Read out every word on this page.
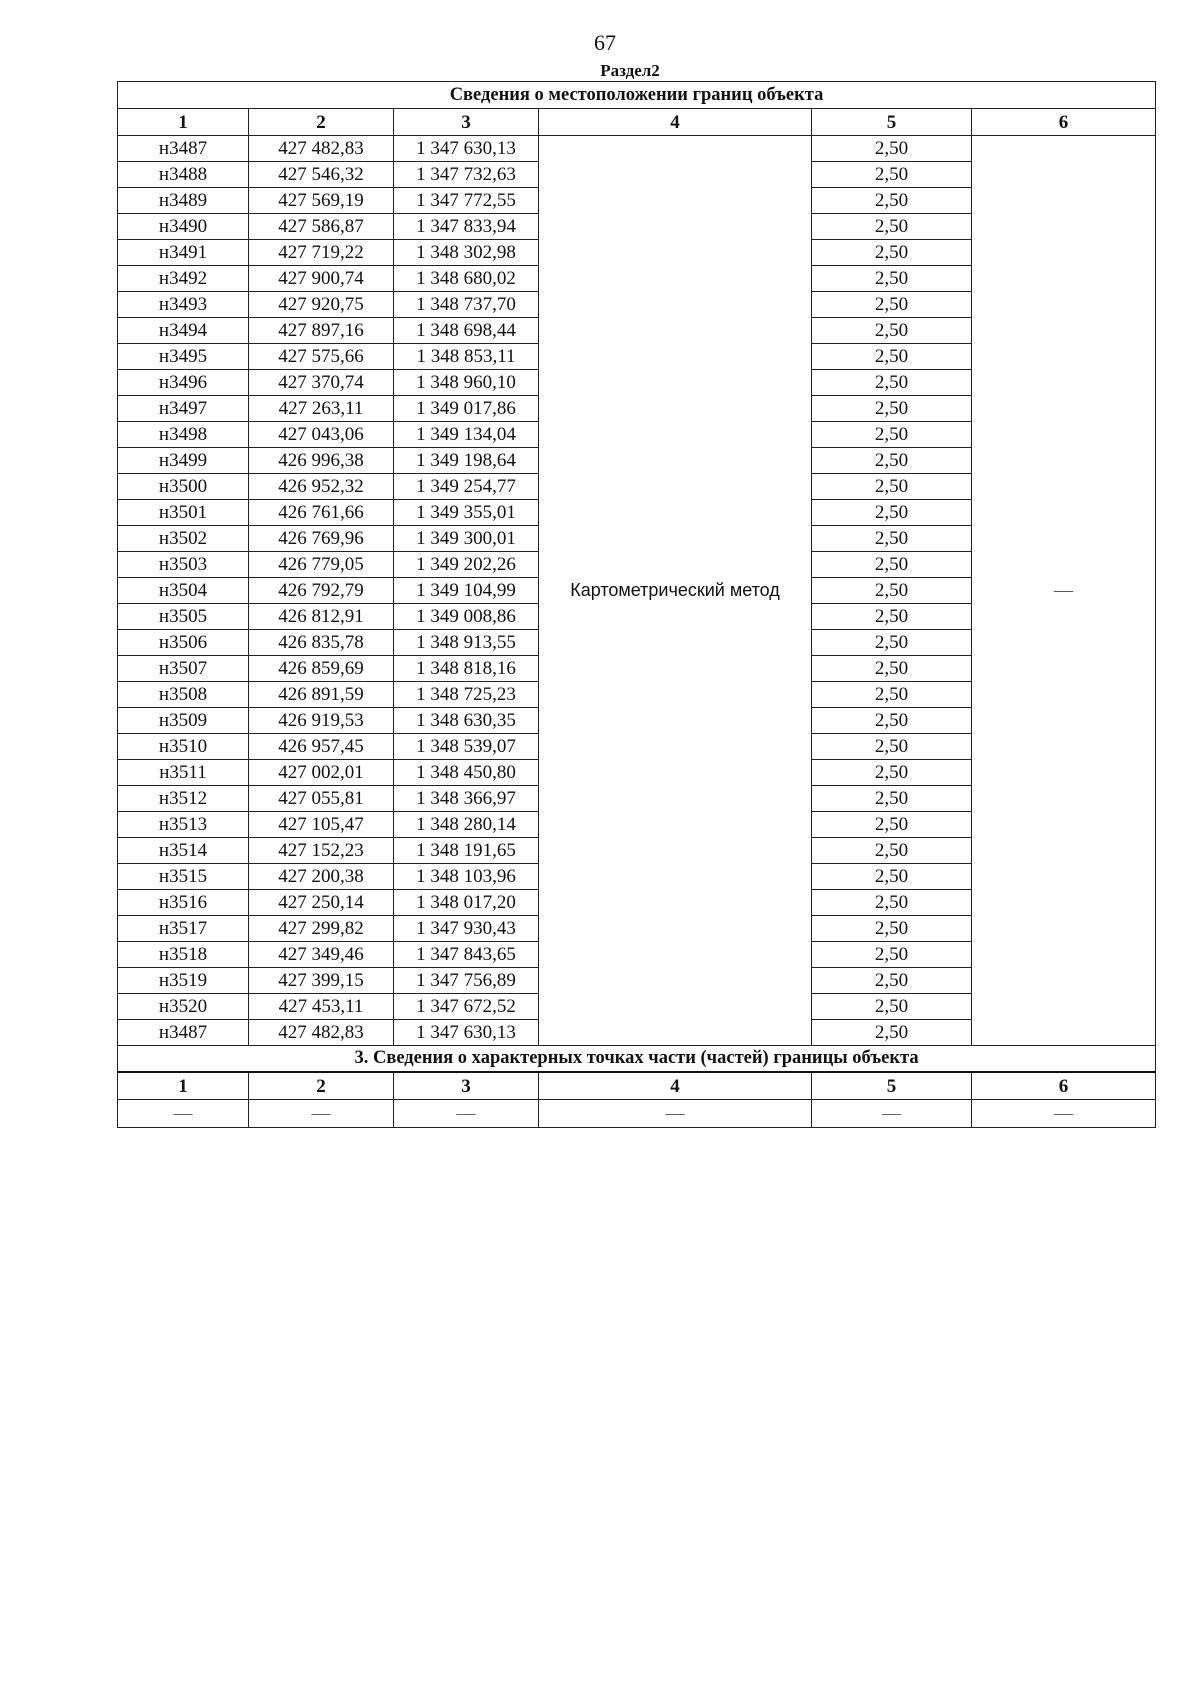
67
Раздел2
Сведения о местоположении границ объекта					
1	2	3	4	5	6
н3487	427 482,83	1 347 630,13	Картометрический метод	2,50	—
н3488	427 546,32	1 347 732,63		2,50	
н3489	427 569,19	1 347 772,55		2,50	
н3490	427 586,87	1 347 833,94		2,50	
н3491	427 719,22	1 348 302,98		2,50	
н3492	427 900,74	1 348 680,02		2,50	
н3493	427 920,75	1 348 737,70		2,50	
н3494	427 897,16	1 348 698,44		2,50	
н3495	427 575,66	1 348 853,11		2,50	
н3496	427 370,74	1 348 960,10		2,50	
н3497	427 263,11	1 349 017,86		2,50	
н3498	427 043,06	1 349 134,04		2,50	
н3499	426 996,38	1 349 198,64		2,50	
н3500	426 952,32	1 349 254,77		2,50	
н3501	426 761,66	1 349 355,01		2,50	
н3502	426 769,96	1 349 300,01		2,50	
н3503	426 779,05	1 349 202,26		2,50	
н3504	426 792,79	1 349 104,99		2,50	
н3505	426 812,91	1 349 008,86		2,50	
н3506	426 835,78	1 348 913,55		2,50	
н3507	426 859,69	1 348 818,16		2,50	
н3508	426 891,59	1 348 725,23		2,50	
н3509	426 919,53	1 348 630,35		2,50	
н3510	426 957,45	1 348 539,07		2,50	
н3511	427 002,01	1 348 450,80		2,50	
н3512	427 055,81	1 348 366,97		2,50	
н3513	427 105,47	1 348 280,14		2,50	
н3514	427 152,23	1 348 191,65		2,50	
н3515	427 200,38	1 348 103,96		2,50	
н3516	427 250,14	1 348 017,20		2,50	
н3517	427 299,82	1 347 930,43		2,50	
н3518	427 349,46	1 347 843,65		2,50	
н3519	427 399,15	1 347 756,89		2,50	
н3520	427 453,11	1 347 672,52		2,50	
н3487	427 482,83	1 347 630,13		2,50	
3. Сведения о характерных точках части (частей) границы объекта					
1	2	3	4	5	6
—	—	—	—	—	—
